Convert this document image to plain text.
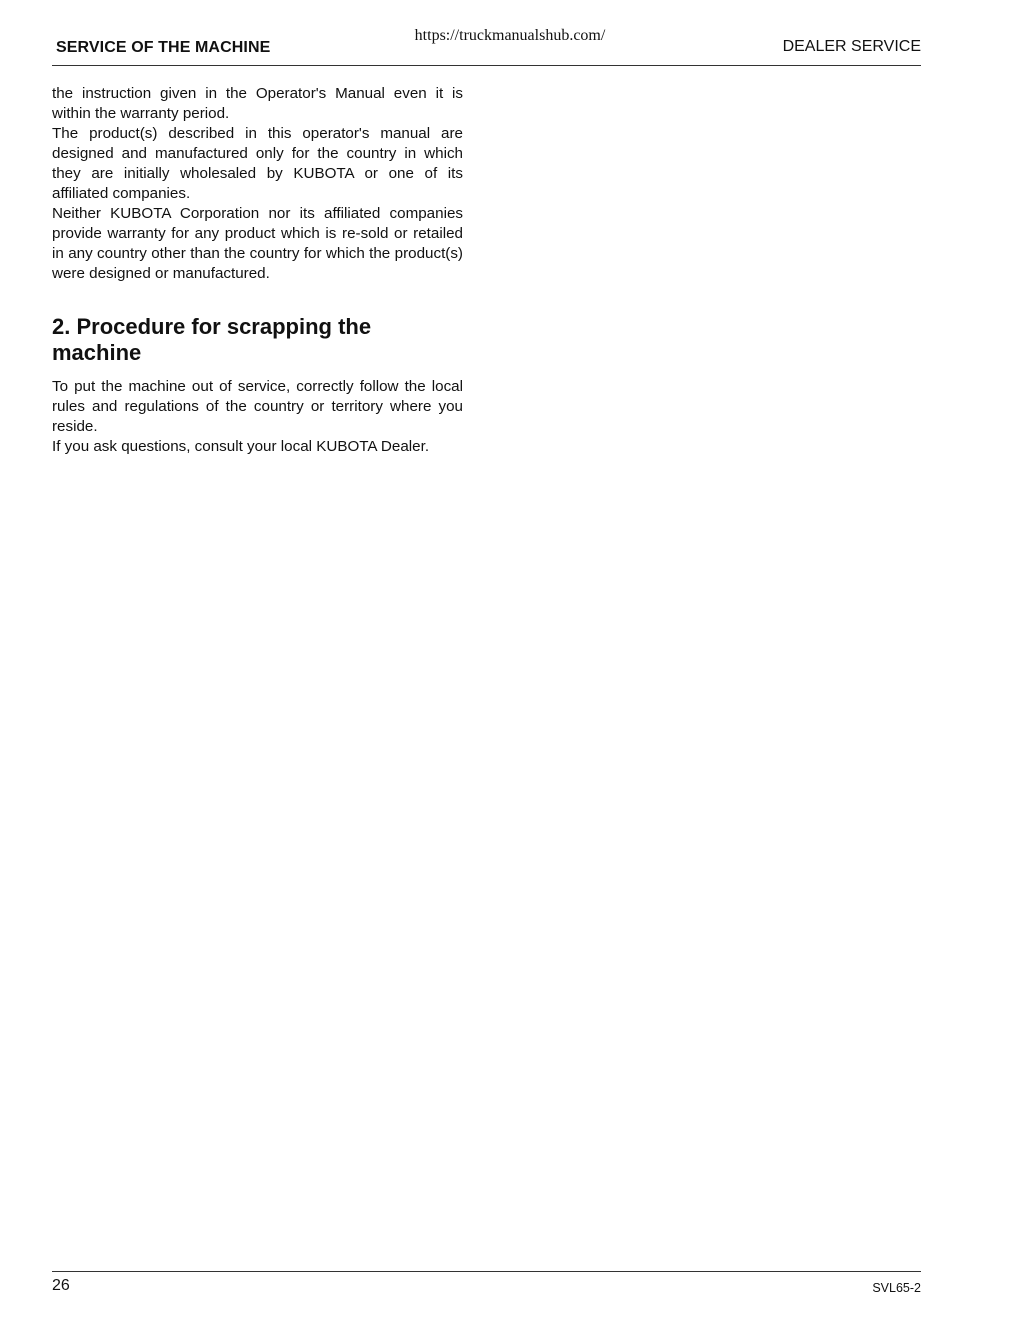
https://truckmanualshub.com/
SERVICE OF THE MACHINE	DEALER SERVICE

the instruction given in the Operator's Manual even it is within the warranty period.

The product(s) described in this operator's manual are designed and manufactured only for the country in which they are initially wholesaled by KUBOTA or one of its affiliated companies.

Neither KUBOTA Corporation nor its affiliated companies provide warranty for any product which is re-sold or retailed in any country other than the country for which the product(s) were designed or manufactured.

2. Procedure for scrapping the machine

To put the machine out of service, correctly follow the local rules and regulations of the country or territory where you reside.

If you ask questions, consult your local KUBOTA Dealer.

26	SVL65-2
